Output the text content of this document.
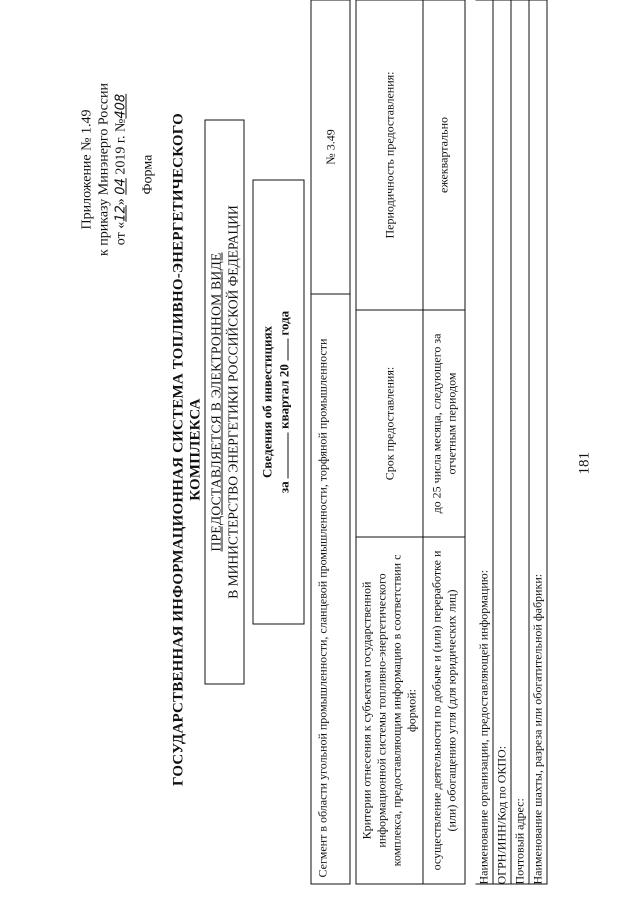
181
Приложение № 1.49 к приказу Минэнерго России от «12» 04 2019 г. №408
Форма ГОСУДАРСТВЕННАЯ ИНФОРМАЦИОННАЯ СИСТЕМА ТОПЛИВНО-ЭНЕРГЕТИЧЕСКОГО КОМПЛЕКСА ПРЕДОСТАВЛЯЕТСЯ В ЭЛЕКТРОННОМ ВИДЕ В МИНИСТЕРСТВО ЭНЕРГЕТИКИ РОССИЙСКОЙ ФЕДЕРАЦИИ Сведения об инвестициях
за  квартал 20  года
Сегмент в области угольной промышленности, сланцевой промышленности, торфяной промышленности
№ 3.49
Критерии отнесения к субъектам государственной информационной системы топливно-энергетического комплекса, предоставляющим информацию в соответствии с формой:	Срок предоставления:	Периодичность предоставления:
осуществление деятельности по добыче и (или) переработке и (или) обогащению угля (для юридических лиц)	до 25 числа месяца, следующего за отчетным периодом	ежеквартально
Наименование организации, предоставляющей информацию: ОГРН/ИНН/Код по ОКПО: Почтовый адрес: Наименование шахты, разреза или обогатительной фабрики:
